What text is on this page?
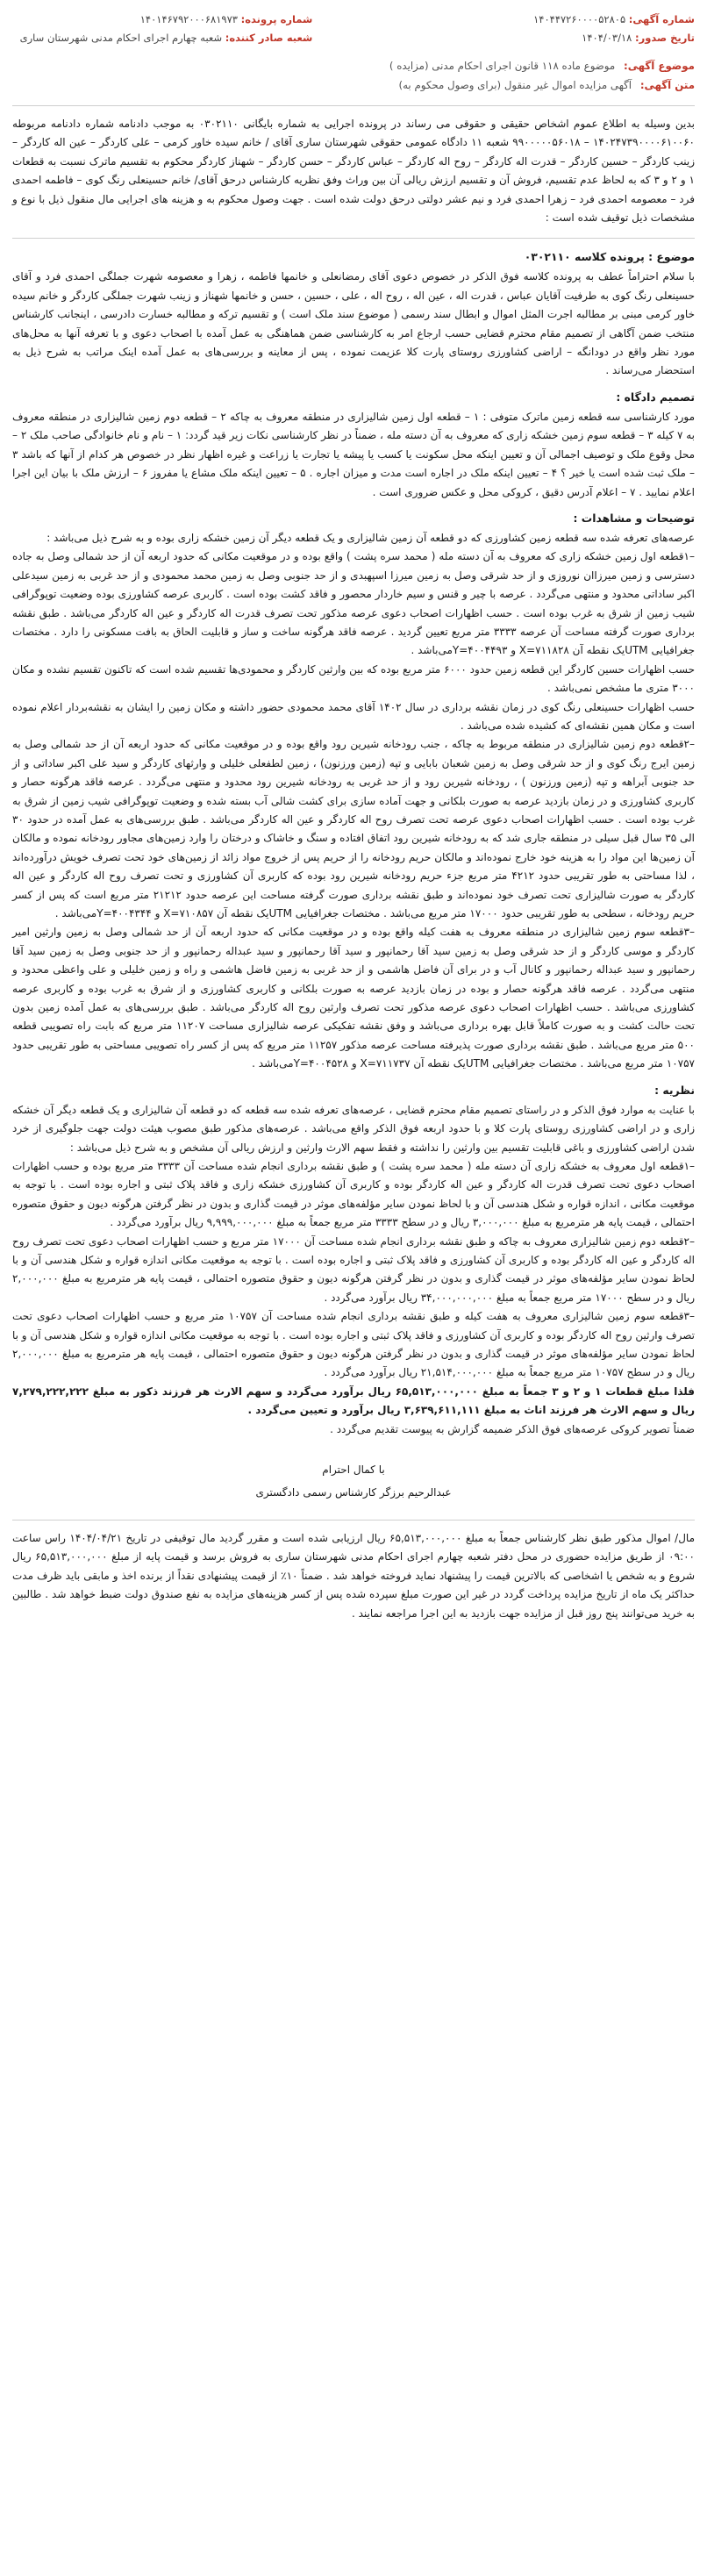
شماره آگهی: ۱۴۰۴۴۷۲۶۰۰۰۰۵۲۸۰۵
تاریخ صدور: ۱۴۰۴/۰۳/۱۸
شماره پرونده: ۱۴۰۱۴۶۷۹۲۰۰۰۶۸۱۹۷۳
شعبه صادر کننده: شعبه چهارم اجرای احکام مدنی شهرستان ساری
موضوع آگهی: موضوع ماده ۱۱۸ قانون اجرای احکام مدنی (مزایده )
متن آگهی: آگهی مزایده اموال غیر منقول (برای وصول محکوم به)

بدین وسیله به اطلاع عموم اشخاص حقیقی و حقوقی می رساند در پرونده اجرایی به شماره بایگانی ۰۳۰۲۱۱۰ به موجب دادنامه شماره دادنامه مربوطه ۱۴۰۲۴۷۳۹۰۰۰۰۶۱۰۰۶۰ – ۹۹۰۰۰۰۰۵۶۰۱۸ شعبه ۱۱ دادگاه عمومی حقوقی شهرستان ساری آقای / خانم سیده خاور کرمی – علی کاردگر – عین اله کاردگر – زینب کاردگر – حسین کاردگر – قدرت اله کاردگر – روح اله کاردگر – عباس کاردگر – حسن کاردگر – شهناز کاردگر محکوم به تقسیم ماترک نسبت به قطعات ۱ و ۲ و ۳ که به لحاظ عدم تقسیم، فروش آن و تقسیم ارزش ریالی آن بین وراث وفق نظریه کارشناس درحق آقای/ خانم حسینعلی رنگ کوی – فاطمه احمدی فرد – معصومه احمدی فرد – زهرا احمدی فرد و نیم عشر دولتی درحق دولت شده است . جهت وصول محکوم به و هزینه های اجرایی مال منقول ذیل با نوع و مشخصات ذیل توقیف شده است :

موضوع : پرونده کلاسه ۰۳۰۲۱۱۰

با سلام احتراماً عطف به پرونده کلاسه فوق الذکر در خصوص دعوی آقای رمضانعلی و خانمها فاطمه ، زهرا و معصومه شهرت جملگی احمدی فرد و آقای حسینعلی رنگ کوی به طرفیت آقایان عباس ، قدرت اله ، عین اله ، روح اله ، علی ، حسین ، حسن و خانمها شهناز و زینب شهرت جملگی کاردگر و خانم سیده خاور کرمی مبنی بر مطالبه اجرت المثل اموال و ابطال سند رسمی ( موضوع سند ملک است ) و تقسیم ترکه و مطالبه خسارت دادرسی ، اینجانب کارشناس منتخب ضمن آگاهی از تصمیم مقام محترم قضایی حسب ارجاع امر به کارشناسی ضمن هماهنگی به عمل آمده با اصحاب دعوی و با تعرفه آنها به محل‌های مورد نظر واقع در دودانگه – اراضی کشاورزی روستای پارت کلا عزیمت نموده ، پس از معاینه و بررسی‌های به عمل آمده اینک مراتب به شرح ذیل به استحضار می‌رساند .

تصمیم دادگاه :

مورد کارشناسی سه قطعه زمین ماترک متوفی : ۱ – قطعه اول زمین شالیزاری در منطقه معروف به چاکه ۲ – قطعه دوم زمین شالیزاری در منطقه معروف به ۷ کیله ۳ – قطعه سوم زمین خشکه زاری که معروف به آن دسته مله ، ضمناً در نظر کارشناسی نکات زیر قید گردد: ۱ – نام و نام خانوادگی صاحب ملک ۲ – محل وقوع ملک و توصیف اجمالی آن و تعیین اینکه محل سکونت یا کسب یا پیشه یا تجارت یا زراعت و غیره اظهار نظر در خصوص هر کدام از آنها که باشد ۳ – ملک ثبت شده است یا خیر ؟ ۴ – تعیین اینکه ملک در اجاره است مدت و میزان اجاره . ۵ – تعیین اینکه ملک مشاع یا مفروز ۶ – ارزش ملک با بیان این اجرا اعلام نمایید . ۷ – اعلام آدرس دقیق ، کروکی محل و عکس ضروری است .

توضیحات و مشاهدات :

عرصه‌های تعرفه شده سه قطعه زمین کشاورزی که دو قطعه آن زمین شالیزاری و یک قطعه دیگر آن زمین خشکه زاری بوده و به شرح ذیل می‌باشد :

–۱قطعه اول زمین خشکه زاری که معروف به آن دسته مله ( محمد سره پشت ) واقع بوده و در موقعیت مکانی که حدود اربعه آن از حد شمالی وصل به جاده دسترسی و زمین میرزاان نوروزی و از حد شرقی وصل به زمین میرزا اسپهبدی و از حد جنوبی وصل به زمین محمد محمودی و از حد غربی به زمین سیدعلی اکبر ساداتی محدود و منتهی می‌گردد . عرصه با چیر و قنس و سیم خاردار محصور و فاقد کشت بوده است . کاربری عرصه کشاورزی بوده وضعیت توپوگرافی شیب زمین از شرق به غرب بوده است . حسب اظهارات اصحاب دعوی عرصه مذکور تحت تصرف قدرت اله کاردگر و عین اله کاردگر می‌باشد . طبق نقشه برداری صورت گرفته مساحت آن عرصه ۳۳۳۳ متر مربع تعیین گردید . عرصه فاقد هرگونه ساخت و ساز و قابلیت الحاق به بافت مسکونی را دارد . مختصات جغرافیایی UTMیک نقطه آن ۷۱۱۸۲۸=X و ۴۰۰۴۴۹۳=Yمی‌باشد .

حسب اظهارات حسین کاردگر این قطعه زمین حدود ۶۰۰۰ متر مربع بوده که بین وارثین کاردگر و محمودی‌ها تقسیم شده است که تاکنون تقسیم نشده و مکان ۳۰۰۰ متری ما مشخص نمی‌باشد .

حسب اظهارات حسینعلی رنگ کوی در زمان نقشه برداری در سال ۱۴۰۲ آقای محمد محمودی حضور داشته و مکان زمین را ایشان به نقشه‌بردار اعلام نموده است و مکان همین نقشه‌ای که کشیده شده می‌باشد .

–۲قطعه دوم زمین شالیزاری در منطقه مربوط به چاکه ، جنب رودخانه شیرین رود واقع بوده و در موقعیت مکانی که حدود اربعه آن از حد شمالی وصل به زمین ایرج رنگ کوی و از حد شرقی وصل به زمین شعبان بابایی و تپه (زمین ورزنون) ، زمین لطفعلی خلیلی و وارثهای کاردگر و سید علی اکبر ساداتی و از حد جنوبی آبراهه و تپه (زمین ورزنون ) ، رودخانه شیرین رود و از حد غربی به رودخانه شیرین رود محدود و منتهی می‌گردد . عرصه فاقد هرگونه حصار و کاربری کشاورزی و در زمان بازدید عرصه به صورت بلکانی و جهت آماده سازی برای کشت شالی آب بسته شده و وضعیت توپوگرافی شیب زمین از شرق به غرب بوده است . حسب اظهارات اصحاب دعوی عرصه تحت تصرف روح اله کاردگر و عین اله کاردگر می‌باشد . طبق بررسی‌های به عمل آمده در حدود ۳۰ الی ۳۵ سال قبل سیلی در منطقه جاری شد که به رودخانه شیرین رود اتفاق افتاده و سنگ و خاشاک و درختان را وارد زمین‌های مجاور رودخانه نموده و مالکان آن زمین‌ها این مواد را به هزینه خود خارج نموده‌اند و مالکان حریم رودخانه را از حریم پس از خروج مواد زائد از زمین‌های خود تحت تصرف خویش درآورده‌اند ، لذا مساحتی به طور تقریبی حدود ۴۲۱۲ متر مربع جزء حریم رودخانه شیرین رود بوده که کاربری آن کشاورزی و تحت تصرف روح اله کاردگر و عین اله کاردگر به صورت شالیزاری تحت تصرف خود نموده‌اند و طبق نقشه برداری صورت گرفته مساحت این عرصه حدود ۲۱۲۱۲ متر مربع است که پس از کسر حریم رودخانه ، سطحی به طور تقریبی حدود ۱۷۰۰۰ متر مربع می‌باشد . مختصات جغرافیایی UTMیک نقطه آن ۷۱۰۸۵۷=X و ۴۰۰۴۳۴۴=Yمی‌باشد .

–۳قطعه سوم زمین شالیزاری در منطقه معروف به هفت کیله واقع بوده و در موقعیت مکانی که حدود اربعه آن از حد شمالی وصل به زمین وارثین امیر کاردگر و موسی کاردگر و از حد شرقی وصل به زمین سید آقا رحمانپور و سید آقا رحمانپور و سید عبداله رحمانپور و از حد جنوبی وصل به زمین سید آقا رحمانپور و سید عبداله رحمانپور و کانال آب و در برای آن فاضل هاشمی و از حد غربی به زمین فاضل هاشمی و راه و زمین خلیلی و علی واعظی محدود و منتهی می‌گردد . عرصه فاقد هرگونه حصار و بوده در زمان بازدید عرصه به صورت بلکانی و کاربری کشاورزی و از شرق به غرب بوده و کاربری عرصه کشاورزی می‌باشد . حسب اظهارات اصحاب دعوی عرصه مذکور تحت تصرف وارثین روح اله کاردگر می‌باشد . طبق بررسی‌های به عمل آمده زمین بدون تحت حالت کشت و به صورت کاملاً قابل بهره برداری می‌باشد و وفق نقشه تفکیکی عرصه شالیزاری مساحت ۱۱۲۰۷ متر مربع که بابت راه تصویبی قطعه ۵۰۰ متر مربع می‌باشد . طبق نقشه برداری صورت پذیرفته مساحت عرصه مذکور ۱۱۲۵۷ متر مربع که پس از کسر راه تصویبی مساحتی به طور تقریبی حدود ۱۰۷۵۷ متر مربع می‌باشد . مختصات جغرافیایی UTMیک نقطه آن ۷۱۱۷۳۷=X و ۴۰۰۴۵۲۸=Yمی‌باشد .

نظریه :

با عنایت به موارد فوق الذکر و در راستای تصمیم مقام محترم قضایی ، عرصه‌های تعرفه شده سه قطعه که دو قطعه آن شالیزاری و یک قطعه دیگر آن خشکه زاری و در اراضی کشاورزی روستای پارت کلا و با حدود اربعه فوق الذکر واقع می‌باشد . عرصه‌های مذکور طبق مصوب هیئت دولت جهت جلوگیری از خرد شدن اراضی کشاورزی و باغی قابلیت تقسیم بین وارثین را نداشته و فقط سهم الارث وارثین و ارزش ریالی آن مشخص و به شرح ذیل می‌باشد :

–۱قطعه اول معروف به خشکه زاری آن دسته مله ( محمد سره پشت ) و طبق نقشه برداری انجام شده مساحت آن ۳۳۳۳ متر مربع بوده و حسب اظهارات اصحاب دعوی تحت تصرف قدرت اله کاردگر و عین اله کاردگر بوده و کاربری آن کشاورزی خشکه زاری و فاقد پلاک ثبتی و اجاره بوده است . با توجه به موقعیت مکانی ، اندازه قواره و شکل هندسی آن و با لحاظ نمودن سایر مؤلفه‌های موثر در قیمت گذاری و بدون در نظر گرفتن هرگونه دیون و حقوق متصوره احتمالی ، قیمت پایه هر مترمربع به مبلغ ۳,۰۰۰,۰۰۰ ریال و در سطح ۳۳۳۳ متر مربع جمعاً به مبلغ ۹,۹۹۹,۰۰۰,۰۰۰ ریال برآورد می‌گردد .

–۲قطعه دوم زمین شالیزاری معروف به چاکه و طبق نقشه برداری انجام شده مساحت آن ۱۷۰۰۰ متر مربع و حسب اظهارات اصحاب دعوی تحت تصرف روح اله کاردگر و عین اله کاردگر بوده و کاربری آن کشاورزی و فاقد پلاک ثبتی و اجاره بوده است . با توجه به موقعیت مکانی اندازه قواره و شکل هندسی آن و با لحاظ نمودن سایر مؤلفه‌های موثر در قیمت گذاری و بدون در نظر گرفتن هرگونه دیون و حقوق متصوره احتمالی ، قیمت پایه هر مترمربع به مبلغ ۲,۰۰۰,۰۰۰ ریال و در سطح ۱۷۰۰۰ متر مربع جمعاً به مبلغ ۳۴,۰۰۰,۰۰۰,۰۰۰ ریال برآورد می‌گردد .

–۳قطعه سوم زمین شالیزاری معروف به هفت کیله و طبق نقشه برداری انجام شده مساحت آن ۱۰۷۵۷ متر مربع و حسب اظهارات اصحاب دعوی تحت تصرف وارثین روح اله کاردگر بوده و کاربری آن کشاورزی و فاقد پلاک ثبتی و اجاره بوده است . با توجه به موقعیت مکانی اندازه قواره و شکل هندسی آن و با لحاظ نمودن سایر مؤلفه‌های موثر در قیمت گذاری و بدون در نظر گرفتن هرگونه دیون و حقوق متصوره احتمالی ، قیمت پایه هر مترمربع به مبلغ ۲,۰۰۰,۰۰۰ ریال و در سطح ۱۰۷۵۷ متر مربع جمعاً به مبلغ ۲۱,۵۱۴,۰۰۰,۰۰۰ ریال برآورد می‌گردد .

فلذا مبلغ قطعات ۱ و ۲ و ۳ جمعاً به مبلغ ۶۵,۵۱۳,۰۰۰,۰۰۰ ریال برآورد می‌گردد و سهم الارث هر فرزند ذکور به مبلغ ۷,۲۷۹,۲۲۲,۲۲۲ ریال و سهم الارث هر فرزند اناث به مبلغ ۳,۶۳۹,۶۱۱,۱۱۱ ریال برآورد و تعیین می‌گردد .

ضمناً تصویر کروکی عرصه‌های فوق الذکر ضمیمه گزارش به پیوست تقدیم می‌گردد .

با کمال احترام
عبدالرحیم برزگر کارشناس رسمی دادگستری

مال/ اموال مذکور طبق نظر کارشناس جمعاً به مبلغ ۶۵,۵۱۳,۰۰۰,۰۰۰ ریال ارزیابی شده است و مقرر گردید مال توقیفی در تاریخ ۱۴۰۴/۰۴/۲۱ راس ساعت ۰۹:۰۰ از طریق مزایده حضوری در محل دفتر شعبه چهارم اجرای احکام مدنی شهرستان ساری به فروش برسد و قیمت پایه از مبلغ ۶۵,۵۱۳,۰۰۰,۰۰۰ ریال شروع و به شخص یا اشخاصی که بالاترین قیمت را پیشنهاد نماید فروخته خواهد شد . ضمناً ۱۰٪ از قیمت پیشنهادی نقداً از برنده اخذ و مابقی باید ظرف مدت حداکثر یک ماه از تاریخ مزایده پرداخت گردد در غیر این صورت مبلغ سپرده شده پس از کسر هزینه‌های مزایده به نفع صندوق دولت ضبط خواهد شد . طالبین به خرید می‌توانند پنج روز قبل از مزایده جهت بازدید به این اجرا مراجعه نمایند .
